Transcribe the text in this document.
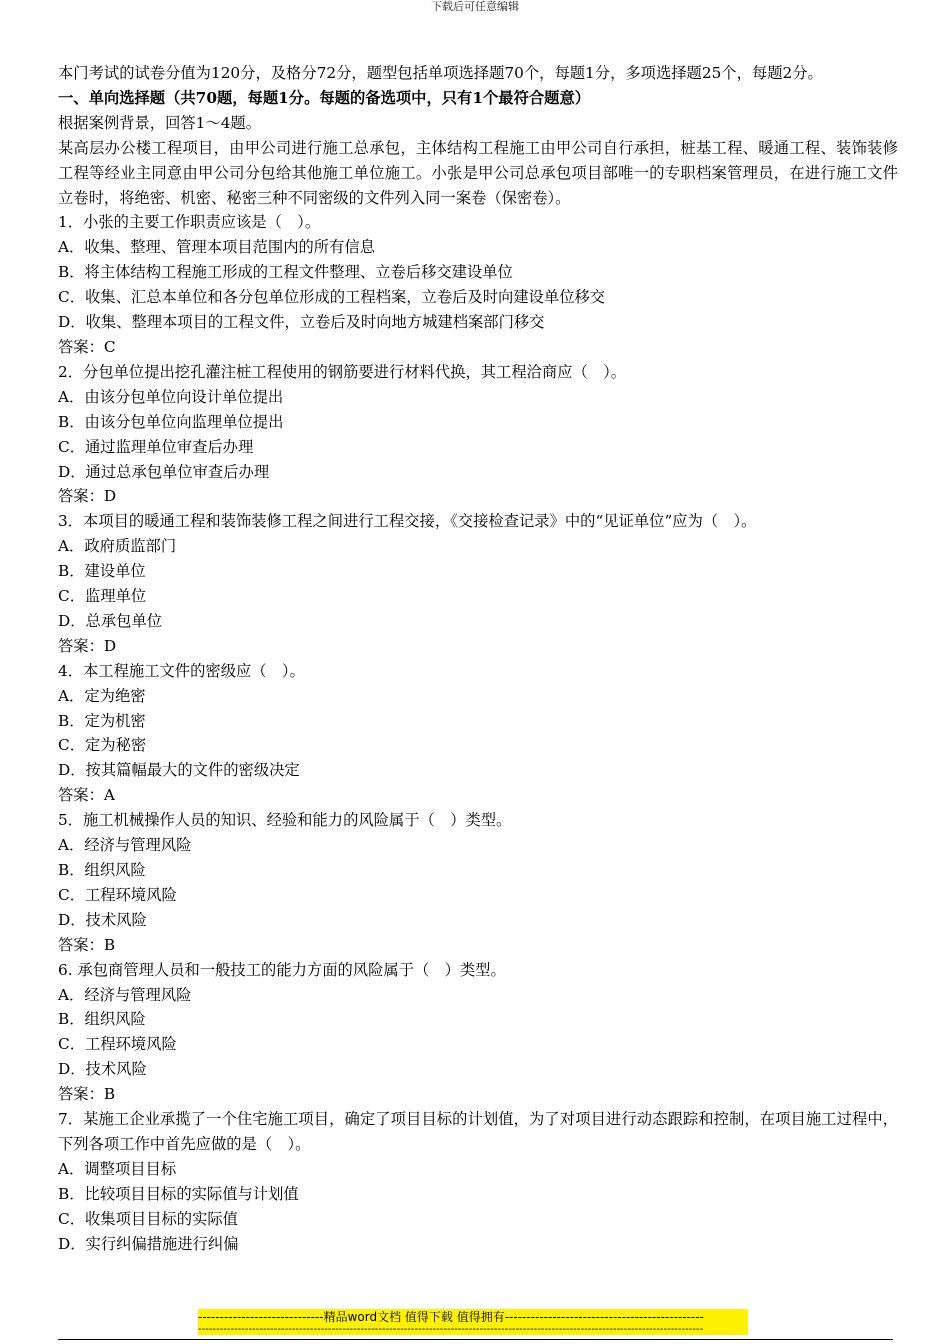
下载后可任意编辑

本门考试的试卷分值为120分，及格分72分，题型包括单项选择题70个，每题1分，多项选择题25个，每题2分。

一、单向选择题（共70题，每题1分。每题的备选项中，只有1个最符合题意）

根据案例背景，回答1～4题。

某高层办公楼工程项目，由甲公司进行施工总承包，主体结构工程施工由甲公司自行承担，桩基工程、暖通工程、装饰装修工程等经业主同意由甲公司分包给其他施工单位施工。小张是甲公司总承包项目部唯一的专职档案管理员，在进行施工文件立卷时，将绝密、机密、秘密三种不同密级的文件列入同一案卷（保密卷）。

1．小张的主要工作职责应该是（　）。

A．收集、整理、管理本项目范围内的所有信息

B．将主体结构工程施工形成的工程文件整理、立卷后移交建设单位

C．收集、汇总本单位和各分包单位形成的工程档案，立卷后及时向建设单位移交

D．收集、整理本项目的工程文件，立卷后及时向地方城建档案部门移交

答案：C

2．分包单位提出挖孔灌注桩工程使用的钢筋要进行材料代换，其工程洽商应（　）。

A．由该分包单位向设计单位提出

B．由该分包单位向监理单位提出

C．通过监理单位审查后办理

D．通过总承包单位审查后办理

答案：D

3．本项目的暖通工程和装饰装修工程之间进行工程交接，《交接检查记录》中的“见证单位”应为（　）。

A．政府质监部门

B．建设单位

C．监理单位

D．总承包单位

答案：D

4．本工程施工文件的密级应（　）。

A．定为绝密

B．定为机密

C．定为秘密

D．按其篇幅最大的文件的密级决定

答案：A

5．施工机械操作人员的知识、经验和能力的风险属于（　）类型。

A．经济与管理风险

B．组织风险

C．工程环境风险

D．技术风险

答案：B

6. 承包商管理人员和一般技工的能力方面的风险属于（　）类型。

A．经济与管理风险

B．组织风险

C．工程环境风险

D．技术风险

答案：B

7．某施工企业承揽了一个住宅施工项目，确定了项目目标的计划值，为了对项目进行动态跟踪和控制，在项目施工过程中，下列各项工作中首先应做的是（　）。

A．调整项目目标

B．比较项目目标的实际值与计划值

C．收集项目目标的实际值

D．实行纠偏措施进行纠偏

-----------------------------精品word文档 值得下载 值得拥有----------------------------------------------
--------------------------------------------------------------------------------------------------------------------------------------------
